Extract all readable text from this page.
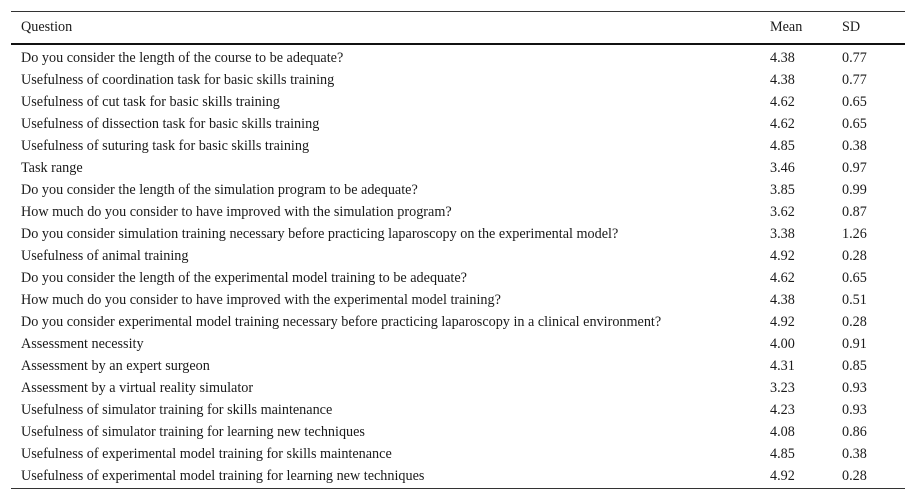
Question	Mean	SD
Do you consider the length of the course to be adequate?	4.38	0.77
Usefulness of coordination task for basic skills training	4.38	0.77
Usefulness of cut task for basic skills training	4.62	0.65
Usefulness of dissection task for basic skills training	4.62	0.65
Usefulness of suturing task for basic skills training	4.85	0.38
Task range	3.46	0.97
Do you consider the length of the simulation program to be adequate?	3.85	0.99
How much do you consider to have improved with the simulation program?	3.62	0.87
Do you consider simulation training necessary before practicing laparoscopy on the experimental model?	3.38	1.26
Usefulness of animal training	4.92	0.28
Do you consider the length of the experimental model training to be adequate?	4.62	0.65
How much do you consider to have improved with the experimental model training?	4.38	0.51
Do you consider experimental model training necessary before practicing laparoscopy in a clinical environment?	4.92	0.28
Assessment necessity	4.00	0.91
Assessment by an expert surgeon	4.31	0.85
Assessment by a virtual reality simulator	3.23	0.93
Usefulness of simulator training for skills maintenance	4.23	0.93
Usefulness of simulator training for learning new techniques	4.08	0.86
Usefulness of experimental model training for skills maintenance	4.85	0.38
Usefulness of experimental model training for learning new techniques	4.92	0.28
